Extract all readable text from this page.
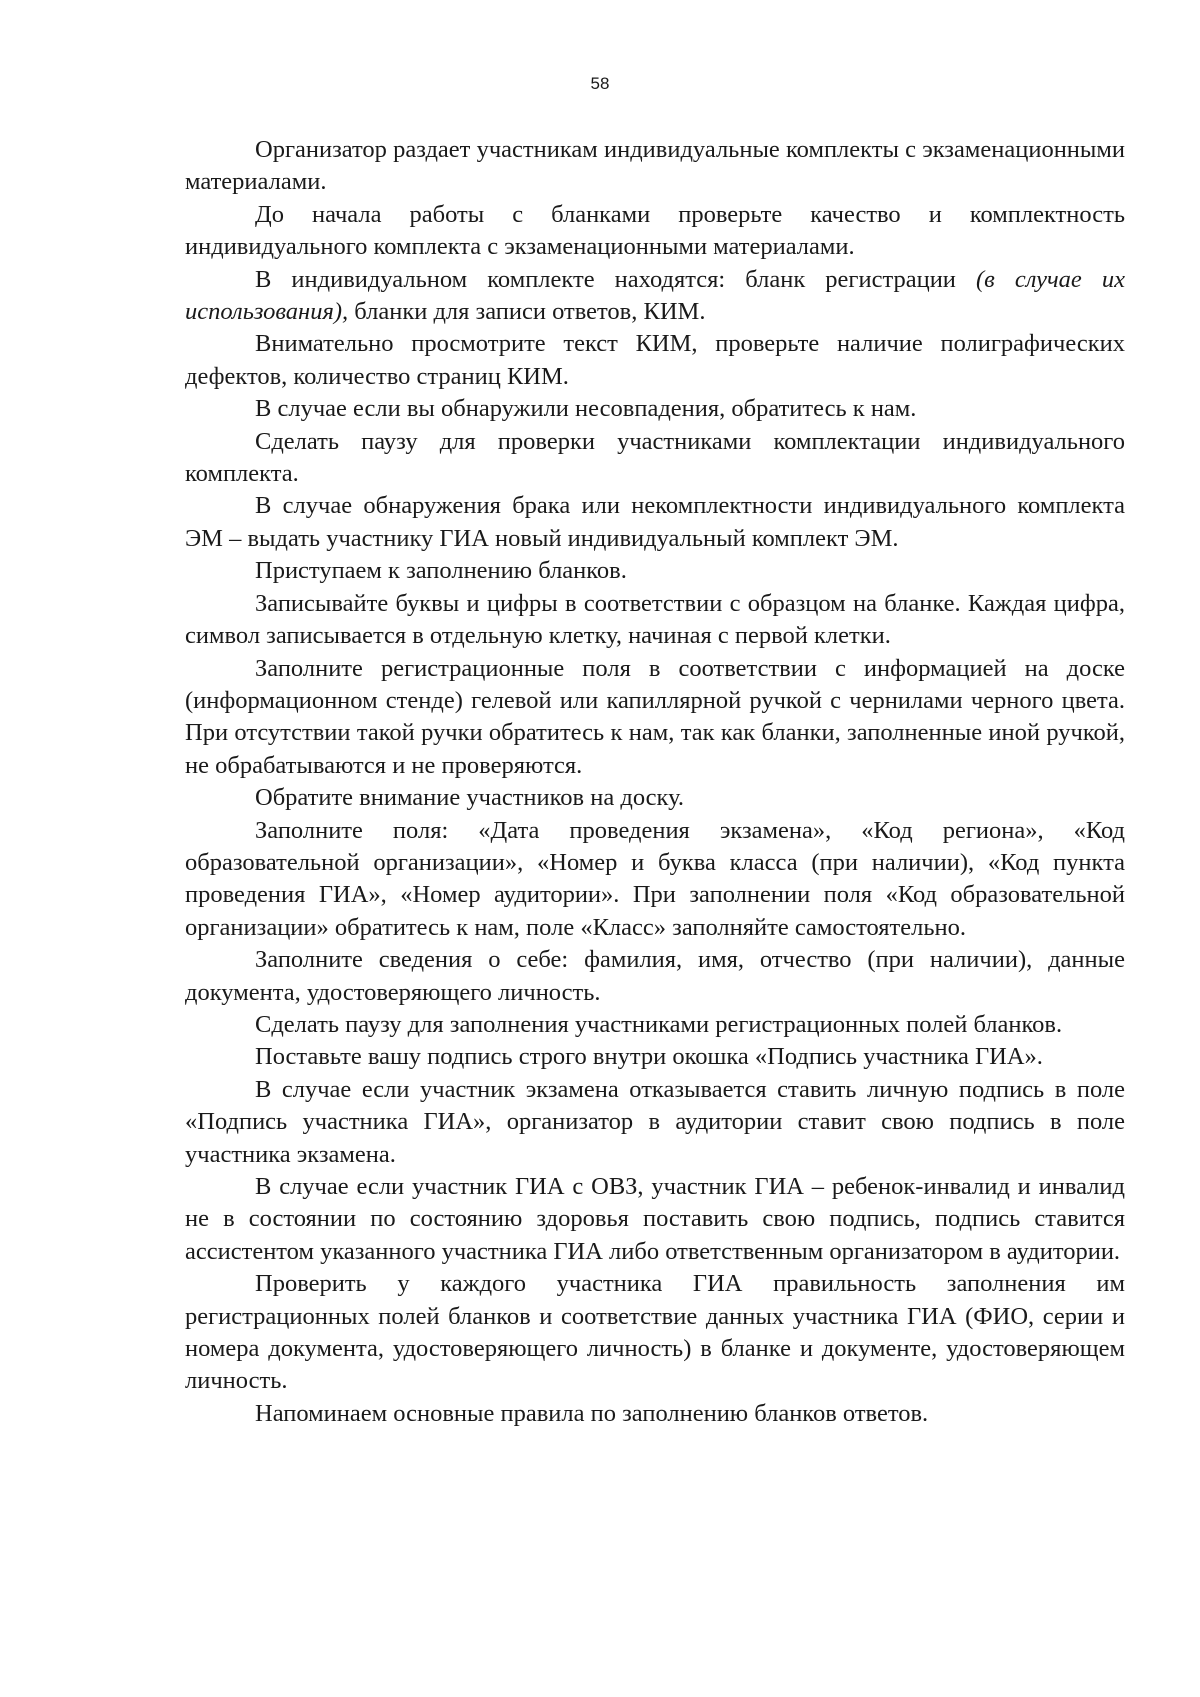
58

Организатор раздает участникам индивидуальные комплекты с экзаменационными материалами.

До начала работы с бланками проверьте качество и комплектность индивидуального комплекта с экзаменационными материалами.

В индивидуальном комплекте находятся: бланк регистрации (в случае их использования), бланки для записи ответов, КИМ.

Внимательно просмотрите текст КИМ, проверьте наличие полиграфических дефектов, количество страниц КИМ.

В случае если вы обнаружили несовпадения, обратитесь к нам.

Сделать паузу для проверки участниками комплектации индивидуального комплекта.

В случае обнаружения брака или некомплектности индивидуального комплекта ЭМ – выдать участнику ГИА новый индивидуальный комплект ЭМ.

Приступаем к заполнению бланков.

Записывайте буквы и цифры в соответствии с образцом на бланке. Каждая цифра, символ записывается в отдельную клетку, начиная с первой клетки.

Заполните регистрационные поля в соответствии с информацией на доске (информационном стенде) гелевой или капиллярной ручкой с чернилами черного цвета. При отсутствии такой ручки обратитесь к нам, так как бланки, заполненные иной ручкой, не обрабатываются и не проверяются.

Обратите внимание участников на доску.

Заполните поля: «Дата проведения экзамена», «Код региона», «Код образовательной организации», «Номер и буква класса (при наличии), «Код пункта проведения ГИА», «Номер аудитории». При заполнении поля «Код образовательной организации» обратитесь к нам, поле «Класс» заполняйте самостоятельно.

Заполните сведения о себе: фамилия, имя, отчество (при наличии), данные документа, удостоверяющего личность.

Сделать паузу для заполнения участниками регистрационных полей бланков.

Поставьте вашу подпись строго внутри окошка «Подпись участника ГИА».

В случае если участник экзамена отказывается ставить личную подпись в поле «Подпись участника ГИА», организатор в аудитории ставит свою подпись в поле участника экзамена.

В случае если участник ГИА с ОВЗ, участник ГИА – ребенок-инвалид и инвалид не в состоянии по состоянию здоровья поставить свою подпись, подпись ставится ассистентом указанного участника ГИА либо ответственным организатором в аудитории.

Проверить у каждого участника ГИА правильность заполнения им регистрационных полей бланков и соответствие данных участника ГИА (ФИО, серии и номера документа, удостоверяющего личность) в бланке и документе, удостоверяющем личность.

Напоминаем основные правила по заполнению бланков ответов.
